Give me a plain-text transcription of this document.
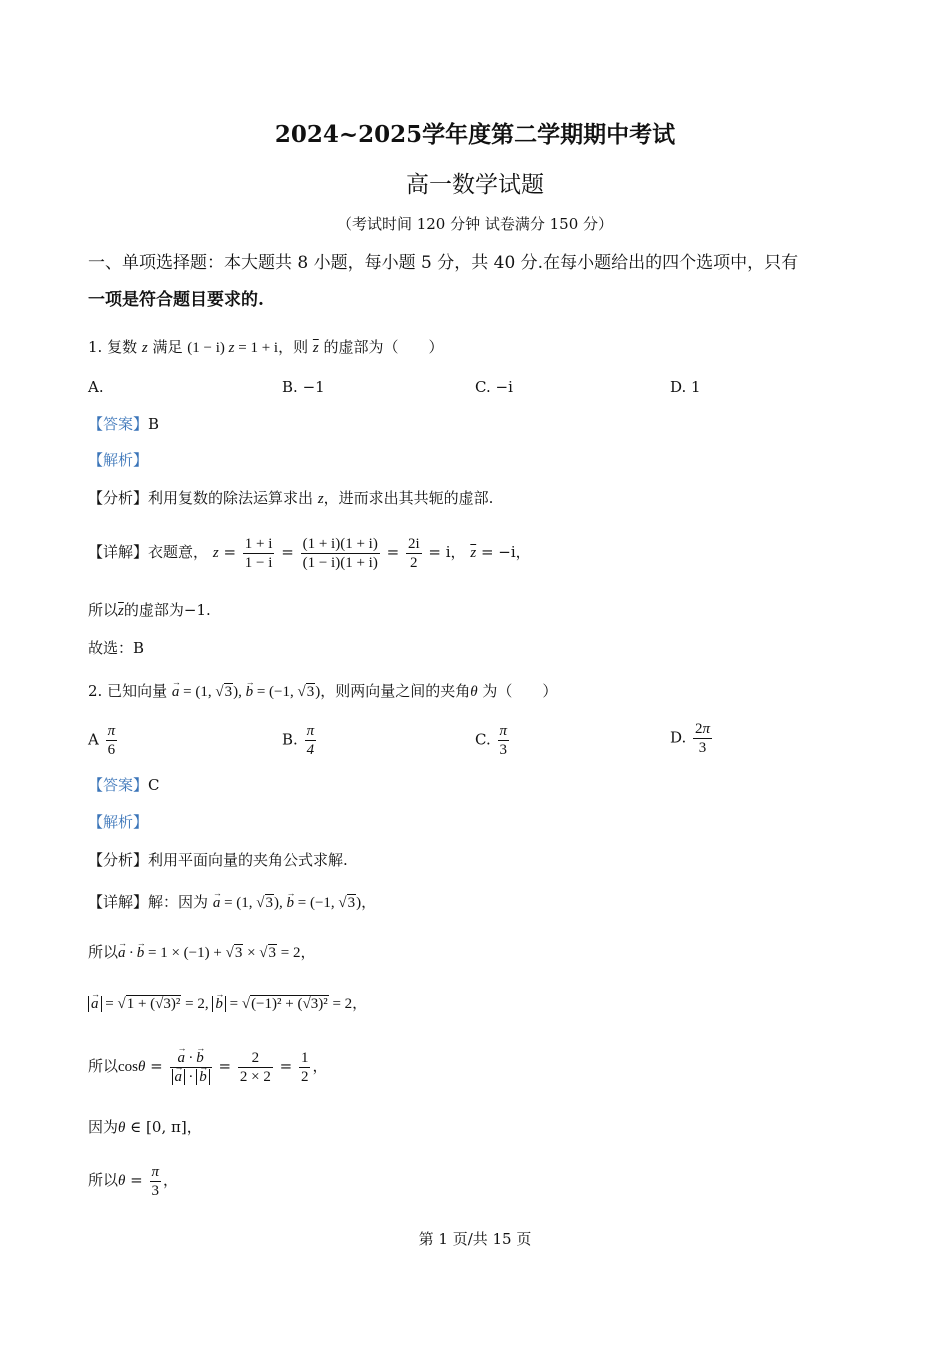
2024~2025学年度第二学期期中考试
高一数学试题
（考试时间 120 分钟 试卷满分 150 分）
一、单项选择题：本大题共 8 小题，每小题 5 分，共 40 分.在每小题给出的四个选项中，只有
一项是符合题目要求的.
1. 复数 z 满足 (1 − i) z = 1 + i，则 $\overline{z}$ 的虚部为（　　）
A.	B. −1	C. −i	D. 1
【答案】B
【解析】
【分析】利用复数的除法运算求出 z，进而求出其共轭的虚部.
【详解】衣题意， $z = \frac{1 + i}{1 - i} = \frac{(1 + i)(1 + i)}{(1 - i)(1 + i)} = \frac{2i}{2} = i$， $\overline{z} = -i$，
所以$\overline{z}$的虚部为−1.
故选：B
2. 已知向量 → a = (1, √3), → b = (−1, √3)，则两向量之间的夹角θ 为（　　）
A $\frac{\pi}{6}$	B. $\frac{\pi}{4}$	C. $\frac{\pi}{3}$	D. $\frac{2\pi}{3}$
【答案】C
【解析】
【分析】利用平面向量的夹角公式求解.
【详解】解：因为 → a = (1, √3), → b = (−1, √3)，
所以→ a · → b = 1 × (−1) + √3 × √3 = 2，
→ a = √1 + (√3)² = 2, → b = √(−1)² + (√3)² = 2，
所以cosθ = → a · → b
→ a · → $b = \frac{2}{2 \times 2} = \frac{1}{2}$ ，
因为θ ∈ [0, π]，
所以$\theta = \frac{\pi}{3}$ ，
第 1 页/共 15 页
